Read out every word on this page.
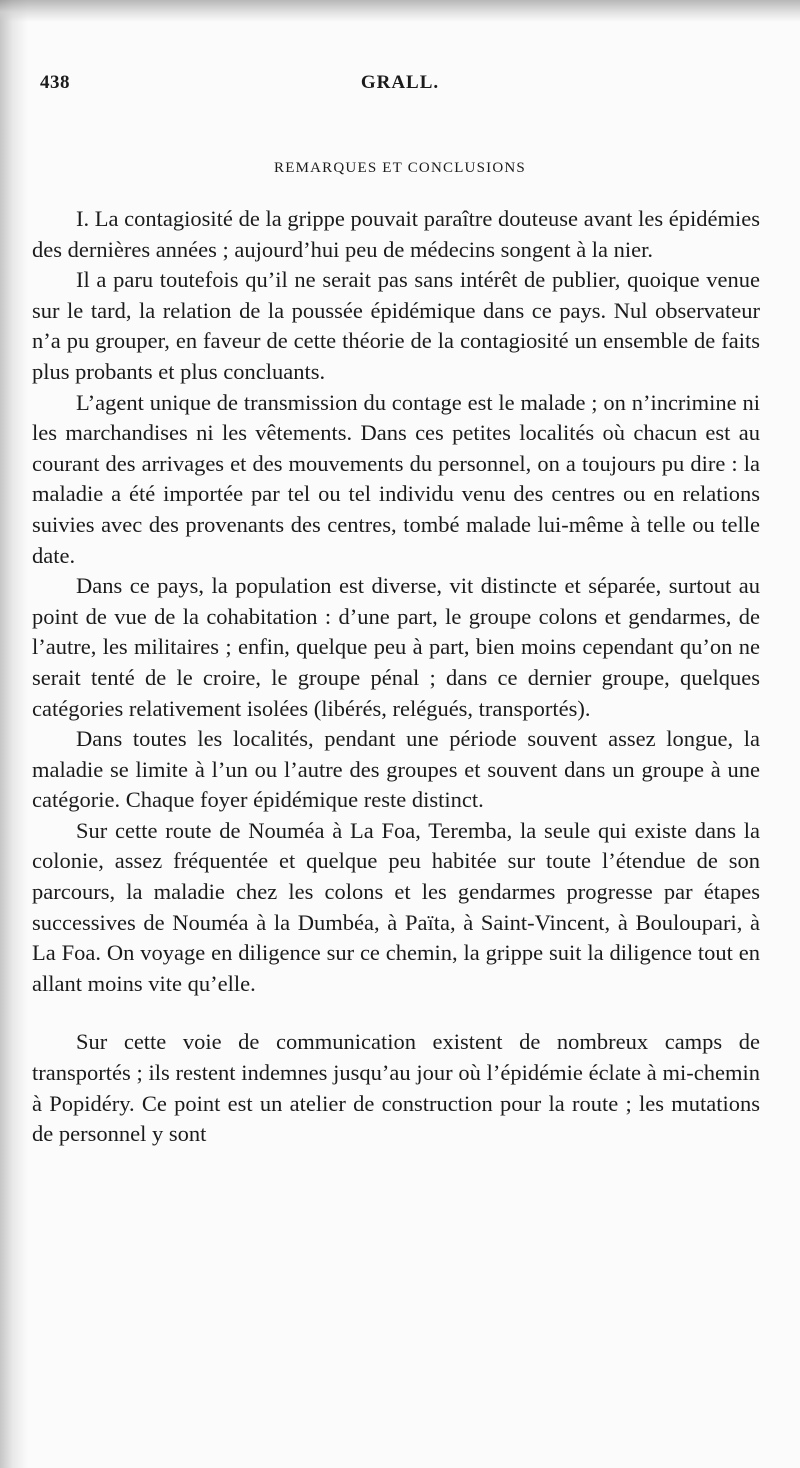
438	GRALL.
REMARQUES ET CONCLUSIONS

I. La contagiosité de la grippe pouvait paraître douteuse avant les épidémies des dernières années ; aujourd’hui peu de médecins songent à la nier.

Il a paru toutefois qu’il ne serait pas sans intérêt de publier, quoique venue sur le tard, la relation de la poussée épidémique dans ce pays. Nul observateur n’a pu grouper, en faveur de cette théorie de la contagiosité un ensemble de faits plus probants et plus concluants.

L’agent unique de transmission du contage est le malade ; on n’incrimine ni les marchandises ni les vêtements. Dans ces petites localités où chacun est au courant des arrivages et des mouvements du personnel, on a toujours pu dire : la maladie a été importée par tel ou tel individu venu des centres ou en relations suivies avec des provenants des centres, tombé malade lui-même à telle ou telle date.

Dans ce pays, la population est diverse, vit distincte et séparée, surtout au point de vue de la cohabitation : d’une part, le groupe colons et gendarmes, de l’autre, les militaires ; enfin, quelque peu à part, bien moins cependant qu’on ne serait tenté de le croire, le groupe pénal ; dans ce dernier groupe, quelques catégories relativement isolées (libérés, relégués, transportés).

Dans toutes les localités, pendant une période souvent assez longue, la maladie se limite à l’un ou l’autre des groupes et souvent dans un groupe à une catégorie. Chaque foyer épidémique reste distinct.

Sur cette route de Nouméa à La Foa, Teremba, la seule qui existe dans la colonie, assez fréquentée et quelque peu habitée sur toute l’étendue de son parcours, la maladie chez les colons et les gendarmes progresse par étapes successives de Nouméa à la Dumbéa, à Païta, à Saint-Vincent, à Bouloupari, à La Foa. On voyage en diligence sur ce chemin, la grippe suit la diligence tout en allant moins vite qu’elle.

Sur cette voie de communication existent de nombreux camps de transportés ; ils restent indemnes jusqu’au jour où l’épidémie éclate à mi-chemin à Popidéry. Ce point est un atelier de construction pour la route ; les mutations de personnel y sont
